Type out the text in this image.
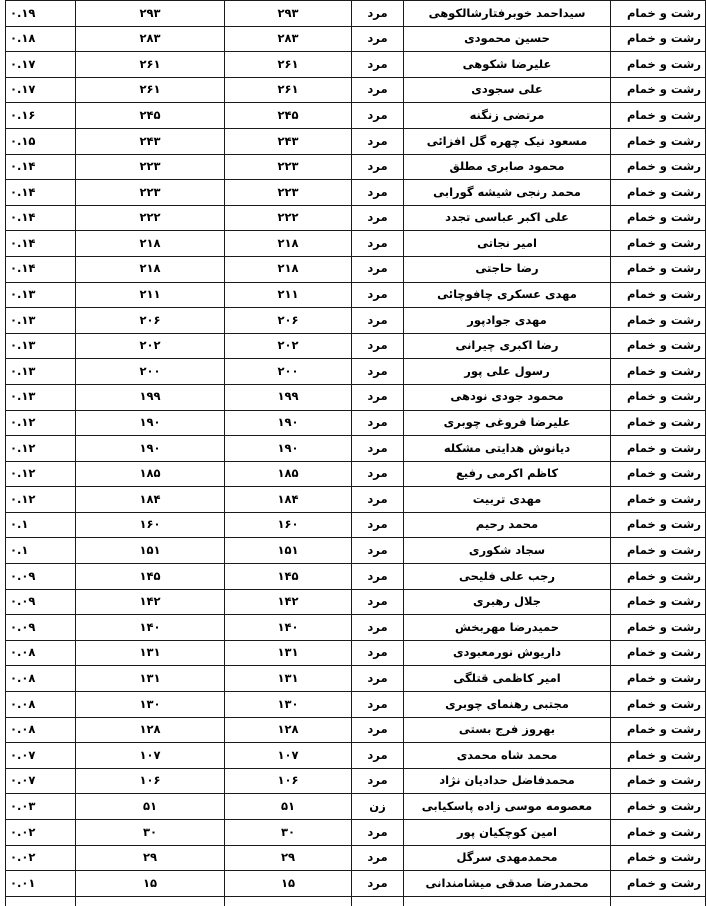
رشت و خمام	سیداحمد خوبرفتارشالکوهی	مرد	۲۹۳	۲۹۳	۰.۱۹
رشت و خمام	حسین محمودی	مرد	۲۸۳	۲۸۳	۰.۱۸
رشت و خمام	علیرضا شکوهی	مرد	۲۶۱	۲۶۱	۰.۱۷
رشت و خمام	علی سجودی	مرد	۲۶۱	۲۶۱	۰.۱۷
رشت و خمام	مرتضی زنگنه	مرد	۲۴۵	۲۴۵	۰.۱۶
رشت و خمام	مسعود نیک چهره گل افزائی	مرد	۲۴۳	۲۴۳	۰.۱۵
رشت و خمام	محمود صابری مطلق	مرد	۲۲۳	۲۲۳	۰.۱۴
رشت و خمام	محمد رنجی شیشه گورابی	مرد	۲۲۳	۲۲۳	۰.۱۴
رشت و خمام	علی اکبر عباسی تجدد	مرد	۲۲۲	۲۲۲	۰.۱۴
رشت و خمام	امیر نجاتی	مرد	۲۱۸	۲۱۸	۰.۱۴
رشت و خمام	رضا حاجتی	مرد	۲۱۸	۲۱۸	۰.۱۴
رشت و خمام	مهدی عسکری چافوچائی	مرد	۲۱۱	۲۱۱	۰.۱۳
رشت و خمام	مهدی جوادپور	مرد	۲۰۶	۲۰۶	۰.۱۳
رشت و خمام	رضا اکبری چیرانی	مرد	۲۰۲	۲۰۲	۰.۱۳
رشت و خمام	رسول علی پور	مرد	۲۰۰	۲۰۰	۰.۱۳
رشت و خمام	محمود جودی نودهی	مرد	۱۹۹	۱۹۹	۰.۱۳
رشت و خمام	علیرضا فروغی چوبری	مرد	۱۹۰	۱۹۰	۰.۱۲
رشت و خمام	دیانوش هدایتی مشکله	مرد	۱۹۰	۱۹۰	۰.۱۲
رشت و خمام	کاظم اکرمی رفیع	مرد	۱۸۵	۱۸۵	۰.۱۲
رشت و خمام	مهدی تربیت	مرد	۱۸۴	۱۸۴	۰.۱۲
رشت و خمام	محمد رحیم	مرد	۱۶۰	۱۶۰	۰.۱
رشت و خمام	سجاد شکوری	مرد	۱۵۱	۱۵۱	۰.۱
رشت و خمام	رجب علی فلیحی	مرد	۱۴۵	۱۴۵	۰.۰۹
رشت و خمام	جلال رهبری	مرد	۱۴۲	۱۴۲	۰.۰۹
رشت و خمام	حمیدرضا مهربخش	مرد	۱۴۰	۱۴۰	۰.۰۹
رشت و خمام	داریوش نورمعبودی	مرد	۱۳۱	۱۳۱	۰.۰۸
رشت و خمام	امیر کاظمی قتلگی	مرد	۱۳۱	۱۳۱	۰.۰۸
رشت و خمام	مجتبی رهنمای چوبری	مرد	۱۳۰	۱۳۰	۰.۰۸
رشت و خمام	بهروز فرج بستی	مرد	۱۲۸	۱۲۸	۰.۰۸
رشت و خمام	محمد شاه محمدی	مرد	۱۰۷	۱۰۷	۰.۰۷
رشت و خمام	محمدفاضل حدادیان نژاد	مرد	۱۰۶	۱۰۶	۰.۰۷
رشت و خمام	معصومه موسی زاده پاسکیابی	زن	۵۱	۵۱	۰.۰۳
رشت و خمام	امین کوچکیان پور	مرد	۳۰	۳۰	۰.۰۲
رشت و خمام	محمدمهدی سرگل	مرد	۲۹	۲۹	۰.۰۲
رشت و خمام	محمدرضا صدقی میشامندانی	مرد	۱۵	۱۵	۰.۰۱
